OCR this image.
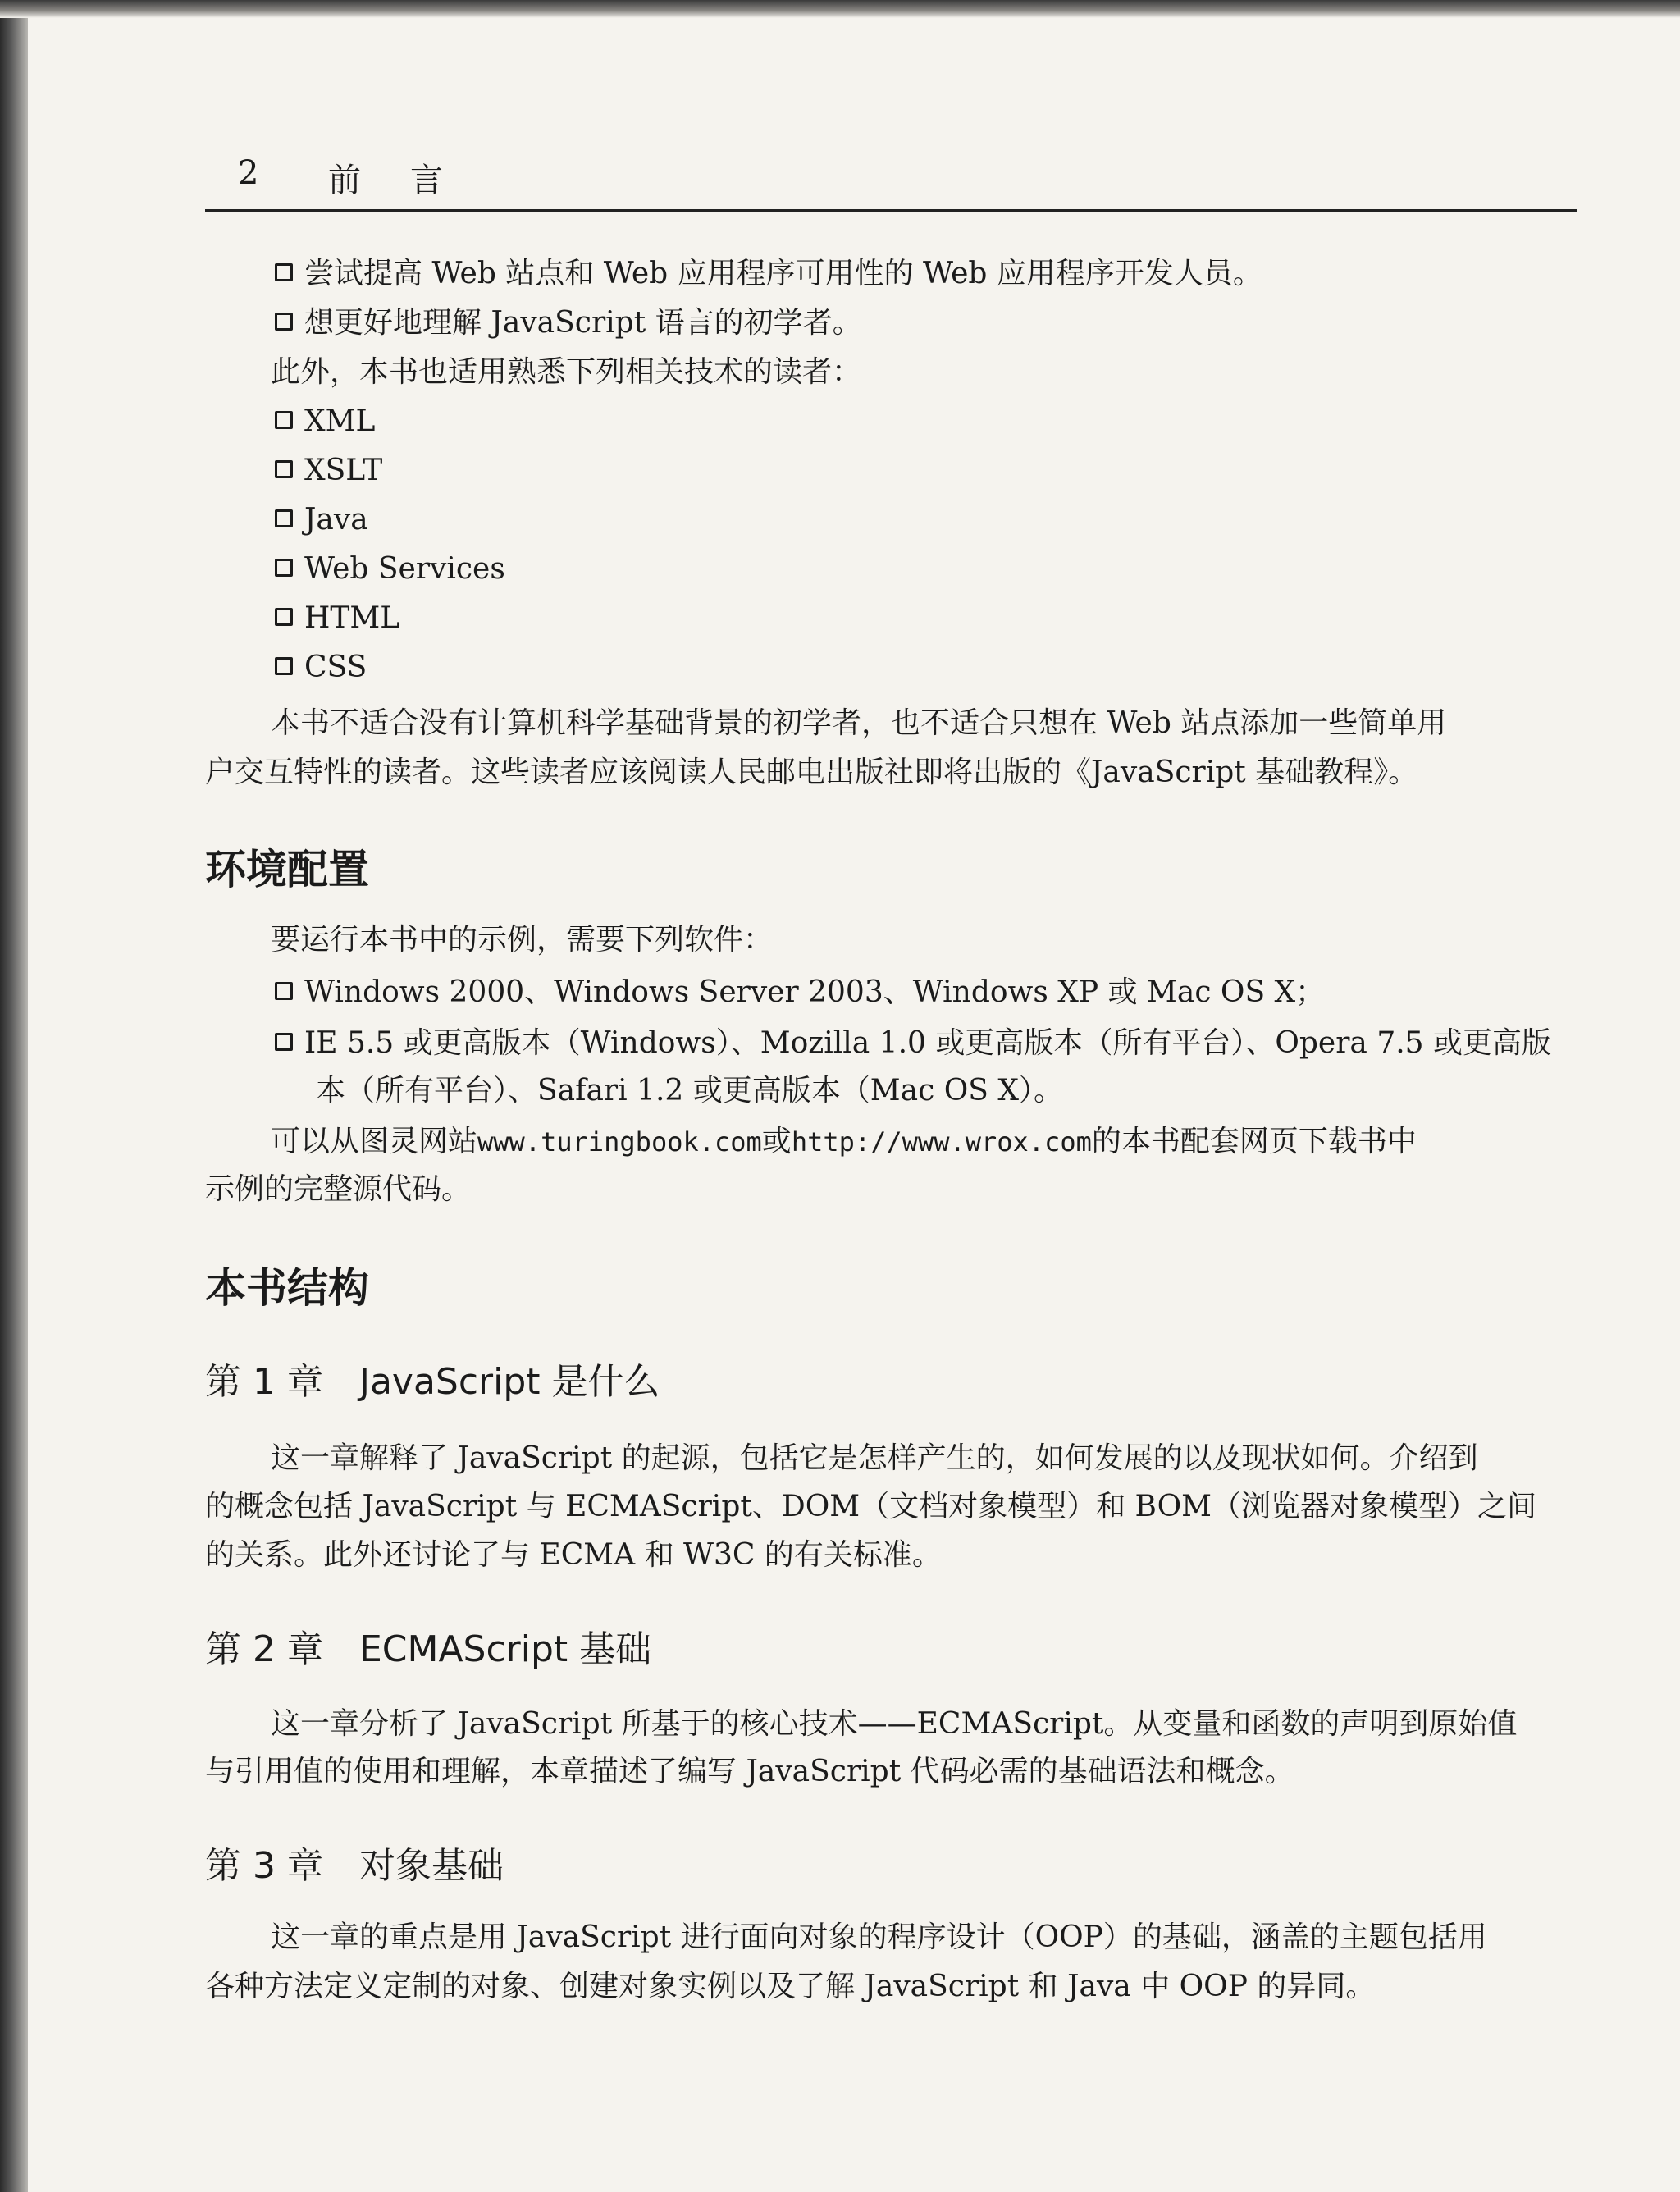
2 前言
尝试提高 Web 站点和 Web 应用程序可用性的 Web 应用程序开发人员。
想更好地理解 JavaScript 语言的初学者。
此外，本书也适用熟悉下列相关技术的读者：
XML
XSLT
Java
Web Services
HTML
CSS
本书不适合没有计算机科学基础背景的初学者，也不适合只想在 Web 站点添加一些简单用
户交互特性的读者。这些读者应该阅读人民邮电出版社即将出版的《JavaScript 基础教程》。
环境配置
要运行本书中的示例，需要下列软件：
Windows 2000、Windows Server 2003、Windows XP 或 Mac OS X；
IE 5.5 或更高版本（Windows）、Mozilla 1.0 或更高版本（所有平台）、Opera 7.5 或更高版
本（所有平台）、Safari 1.2 或更高版本（Mac OS X）。
可以从图灵网站www.turingbook.com或http://www.wrox.com的本书配套网页下载书中
示例的完整源代码。
本书结构
第 1 章 JavaScript 是什么
这一章解释了 JavaScript 的起源，包括它是怎样产生的，如何发展的以及现状如何。介绍到
的概念包括 JavaScript 与 ECMAScript、DOM（文档对象模型）和 BOM（浏览器对象模型）之间
的关系。此外还讨论了与 ECMA 和 W3C 的有关标准。
第 2 章 ECMAScript 基础
这一章分析了 JavaScript 所基于的核心技术——ECMAScript。从变量和函数的声明到原始值
与引用值的使用和理解，本章描述了编写 JavaScript 代码必需的基础语法和概念。
第 3 章 对象基础
这一章的重点是用 JavaScript 进行面向对象的程序设计（OOP）的基础，涵盖的主题包括用
各种方法定义定制的对象、创建对象实例以及了解 JavaScript 和 Java 中 OOP 的异同。
